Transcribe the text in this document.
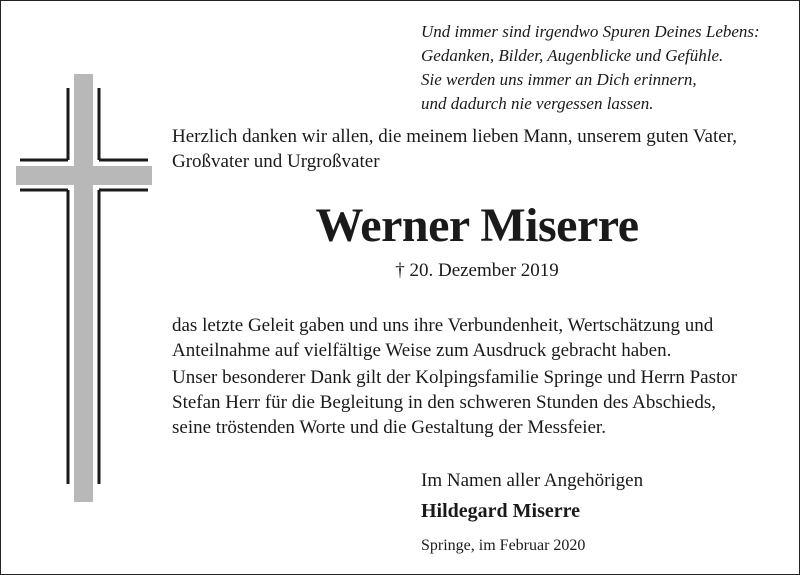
Und immer sind irgendwo Spuren Deines Lebens:
Gedanken, Bilder, Augenblicke und Gefühle.
Sie werden uns immer an Dich erinnern,
und dadurch nie vergessen lassen.
Herzlich danken wir allen, die meinem lieben Mann, unserem guten Vater,
Großvater und Urgroßvater
Werner Miserre
† 20. Dezember 2019
das letzte Geleit gaben und uns ihre Verbundenheit, Wertschätzung und
Anteilnahme auf vielfältige Weise zum Ausdruck gebracht haben.
Unser besonderer Dank gilt der Kolpingsfamilie Springe und Herrn Pastor
Stefan Herr für die Begleitung in den schweren Stunden des Abschieds,
seine tröstenden Worte und die Gestaltung der Messfeier.
Im Namen aller Angehörigen
Hildegard Miserre
Springe, im Februar 2020
